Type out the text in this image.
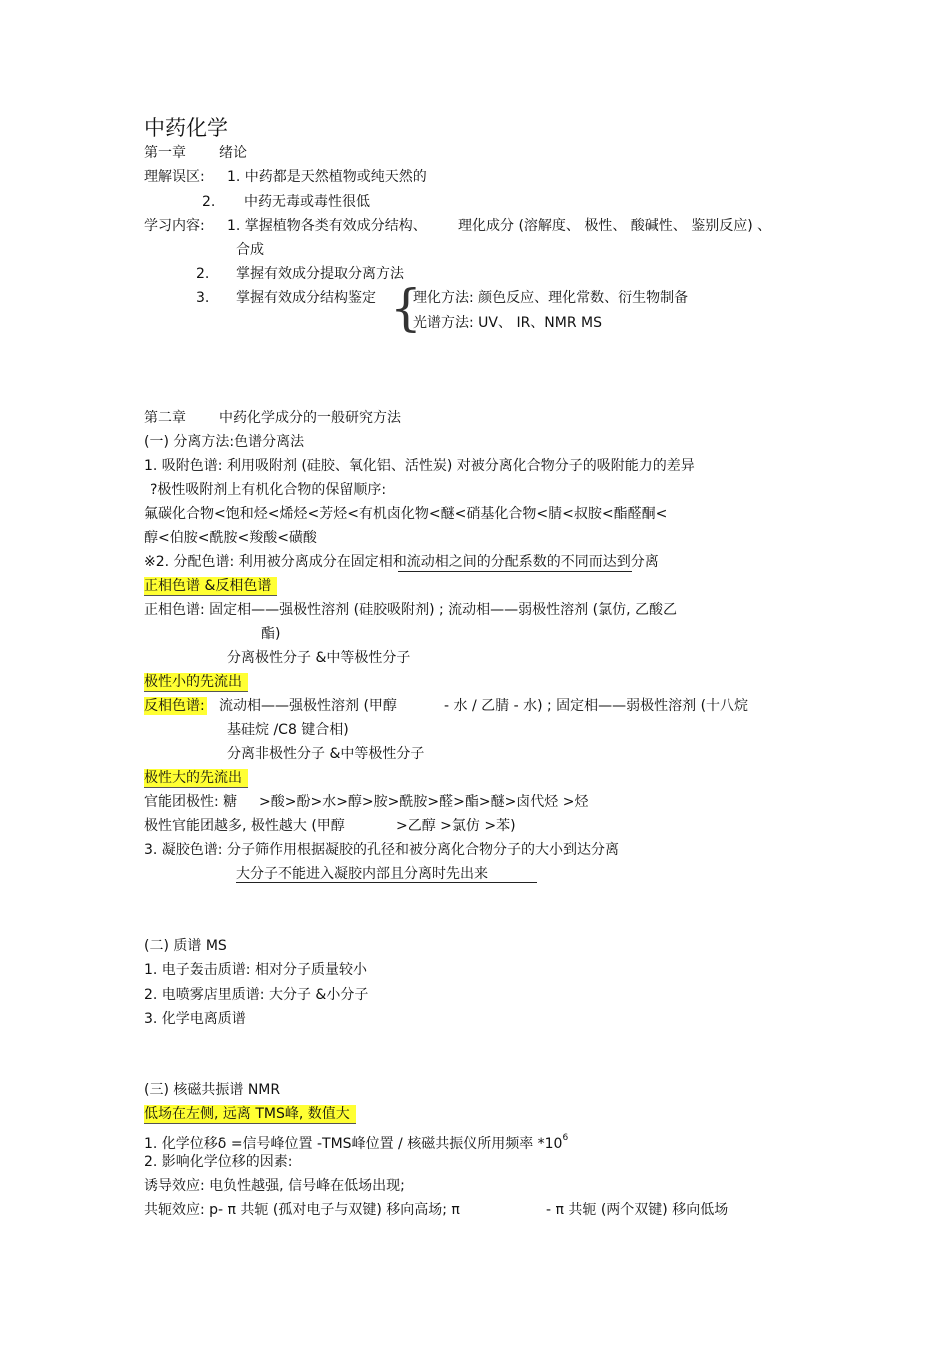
中药化学
第一章 绪论
理解误区: 1. 中药都是天然植物或纯天然的
2. 中药无毒或毒性很低
学习内容: 1. 掌握植物各类有效成分结构、 理化成分 (溶解度、 极性、 酸碱性、 鉴别反应) 、
合成
2. 掌握有效成分提取分离方法
3. 掌握有效成分结构鉴定 {
理化方法: 颜色反应、理化常数、衍生物制备
光谱方法: UV、 IR、NMR MS
第二章 中药化学成分的一般研究方法
(一) 分离方法:色谱分离法
1. 吸附色谱: 利用吸附剂 (硅胶、氧化铝、活性炭) 对被分离化合物分子的吸附能力的差异
?极性吸附剂上有机化合物的保留顺序:
氟碳化合物<饱和烃<烯烃<芳烃<有机卤化物<醚<硝基化合物<腈<叔胺<酯醛酮<
醇<伯胺<酰胺<羧酸<磺酸
※2. 分配色谱: 利用被分离成分在固定相和流动相之间的分配系数的不同而达到分离
正相色谱 &反相色谱
正相色谱: 固定相——强极性溶剂 (硅胶吸附剂) ; 流动相——弱极性溶剂 (氯仿, 乙酸乙
酯)
分离极性分子 &中等极性分子
极性小的先流出
反相色谱: 流动相——强极性溶剂 (甲醇	- 水 / 乙腈 - 水) ; 固定相——弱极性溶剂 (十八烷
基硅烷 /C8 键合相)
分离非极性分子 &中等极性分子
极性大的先流出
官能团极性: 糖 >酸>酚>水>醇>胺>酰胺>醛>酯>醚>卤代烃 >烃
极性官能团越多, 极性越大 (甲醇	>乙醇 >氯仿 >苯)
3. 凝胶色谱: 分子筛作用根据凝胶的孔径和被分离化合物分子的大小到达分离
大分子不能进入凝胶内部且分离时先出来
(二) 质谱 MS
1. 电子轰击质谱: 相对分子质量较小
2. 电喷雾店里质谱: 大分子 &小分子
3. 化学电离质谱
(三) 核磁共振谱 NMR
低场在左侧, 远离 TMS峰, 数值大
1. 化学位移δ =信号峰位置 -TMS峰位置 / 核磁共振仪所用频率 $*10^6$
2. 影响化学位移的因素:
诱导效应: 电负性越强, 信号峰在低场出现;
共轭效应: p- π 共轭 (孤对电子与双键) 移向高场; π	- π 共轭 (两个双键) 移向低场
